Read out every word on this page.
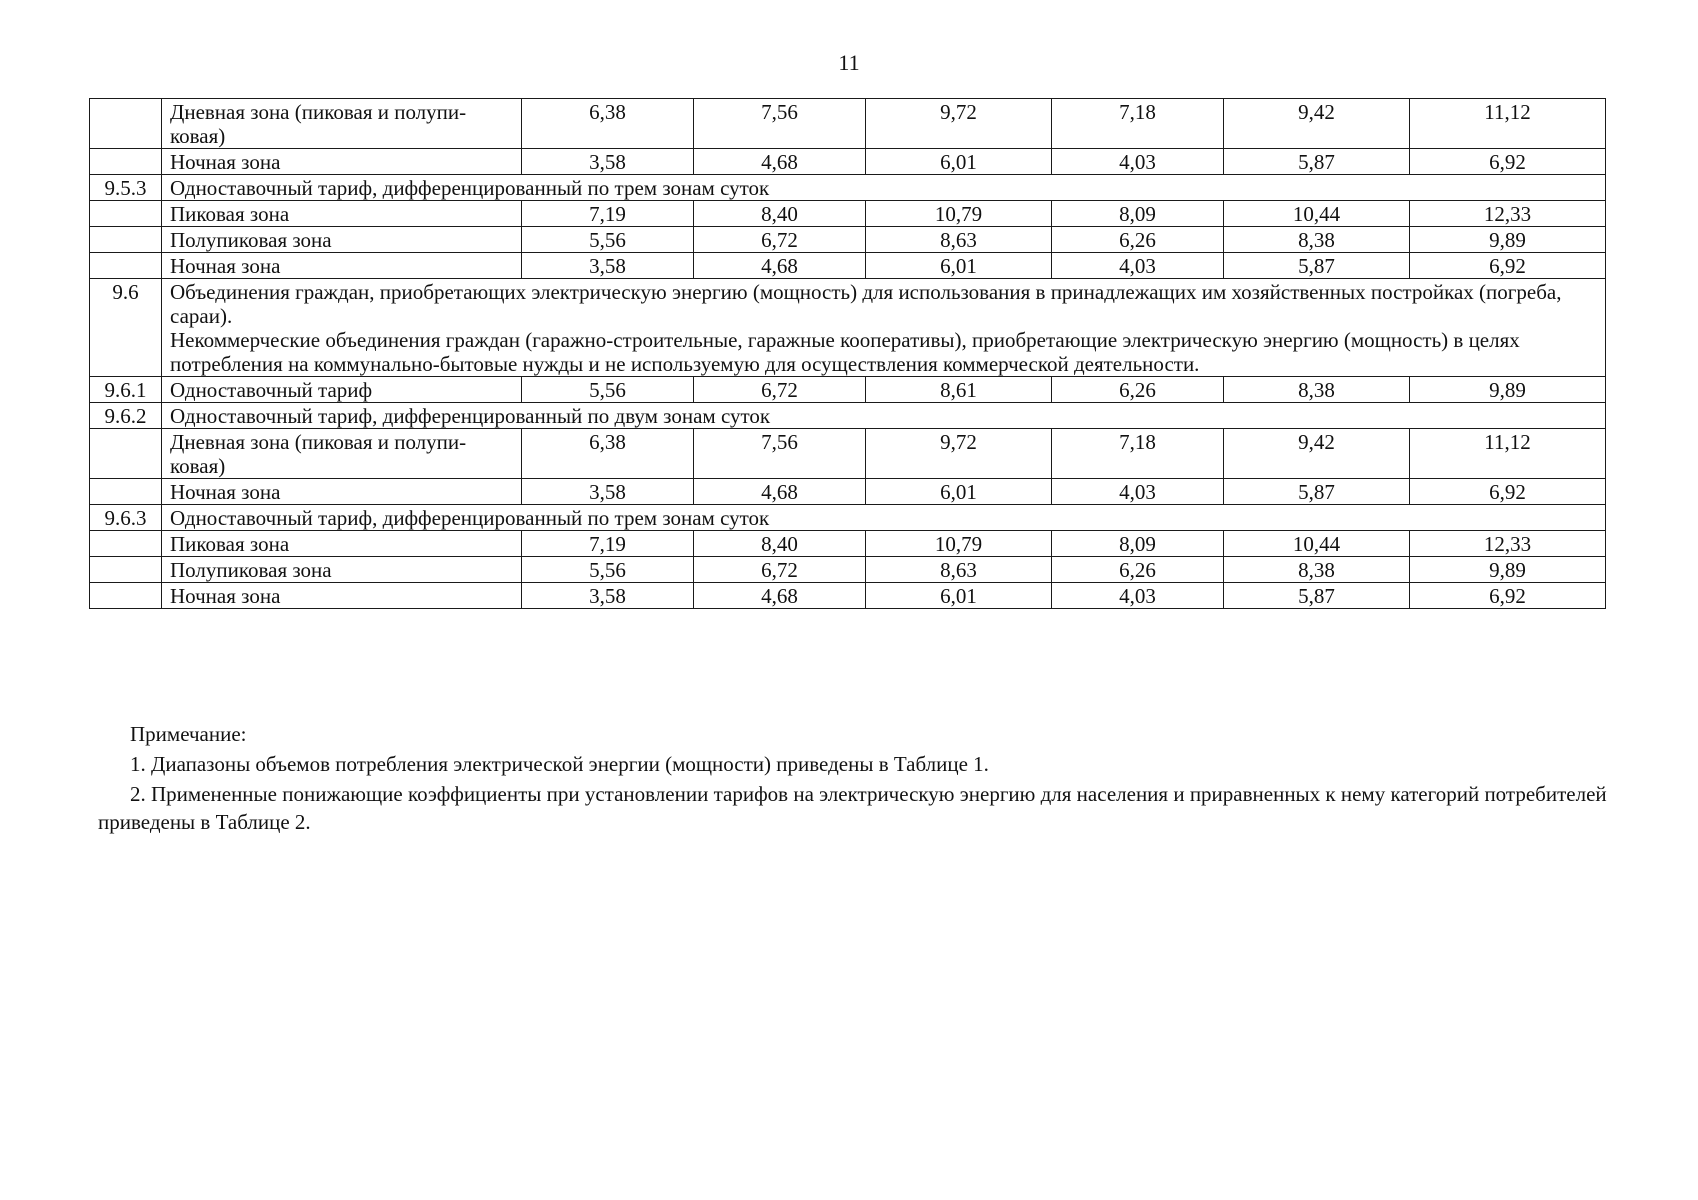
11
	Дневная зона (пиковая и полупи-ковая)	6,38	7,56	9,72	7,18	9,42	11,12
	Ночная зона	3,58	4,68	6,01	4,03	5,87	6,92
9.5.3	Одноставочный тариф, дифференцированный по трем зонам суток						
	Пиковая зона	7,19	8,40	10,79	8,09	10,44	12,33
	Полупиковая зона	5,56	6,72	8,63	6,26	8,38	9,89
	Ночная зона	3,58	4,68	6,01	4,03	5,87	6,92
9.6	Объединения граждан, приобретающих электрическую энергию (мощность) для использования в принадлежащих им хозяйственных постройках (погреба, сараи).
Некоммерческие объединения граждан (гаражно-строительные, гаражные кооперативы), приобретающие электрическую энергию (мощность) в целях потребления на коммунально-бытовые нужды и не используемую для осуществления коммерческой деятельности.						

9.6.1	Одноставочный тариф	5,56	6,72	8,61	6,26	8,38	9,89
9.6.2	Одноставочный тариф, дифференцированный по двум зонам суток						
	Дневная зона (пиковая и полупи-ковая)	6,38	7,56	9,72	7,18	9,42	11,12
	Ночная зона	3,58	4,68	6,01	4,03	5,87	6,92
9.6.3	Одноставочный тариф, дифференцированный по трем зонам суток						
	Пиковая зона	7,19	8,40	10,79	8,09	10,44	12,33
	Полупиковая зона	5,56	6,72	8,63	6,26	8,38	9,89
	Ночная зона	3,58	4,68	6,01	4,03	5,87	6,92

Примечание:

1. Диапазоны объемов потребления электрической энергии (мощности) приведены в Таблице 1.

2. Примененные понижающие коэффициенты при установлении тарифов на электрическую энергию для населения и приравненных к нему категорий потребителей приведены в Таблице 2.
